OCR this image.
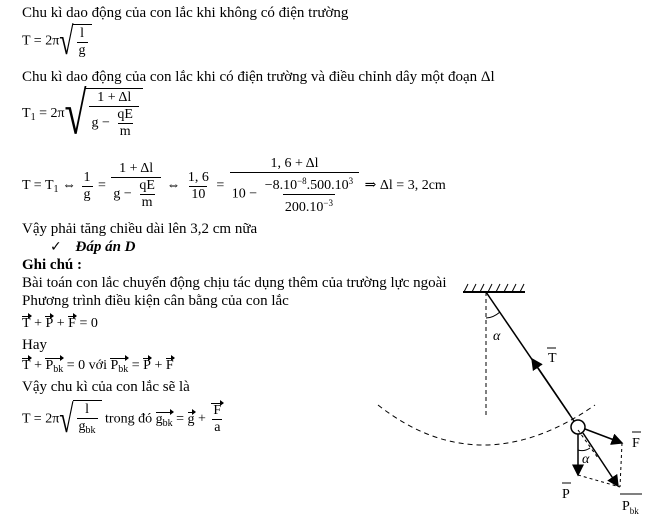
Chu kì dao động của con lắc khi không có điện trường
T = 2π √ $\frac{l}{g}$
Chu kì dao động của con lắc khi có điện trường và điều chỉnh dây một đoạn Δl
$T_1 = 2\pi$ √ $\frac{1 + \Delta l}{g - \frac{qE}{m}}$
$T = T_1$ ⇔ $\frac{1}{g} = \frac{1 + \Delta l}{g - \frac{qE}{m}}$ ⇔ $\frac{1, 6}{10} = \frac{1, 6 + \Delta l}{10 - \frac{-8.10^{-8}.500.10^3}{200.10^{-3}}}$ ⇒ Δl = 3, 2cm
Vậy phải tăng chiều dài lên 3,2 cm nữa
✓ Đáp án D
Ghi chú :
Bài toán con lắc chuyển động chịu tác dụng thêm của trường lực ngoài
Phương trình điều kiện cân bằng của con lắc
T + P + F = 0
Hay
$T + P_{bk} = 0$ với $P_{bk} = P + F$
Vậy chu kì của con lắc sẽ là
T = 2π √ $\frac{l}{g_{bk}}$ trong đó $g_{bk} = g + \frac{F}{a}$
α
T
P
F
α
$P_{bk}$
